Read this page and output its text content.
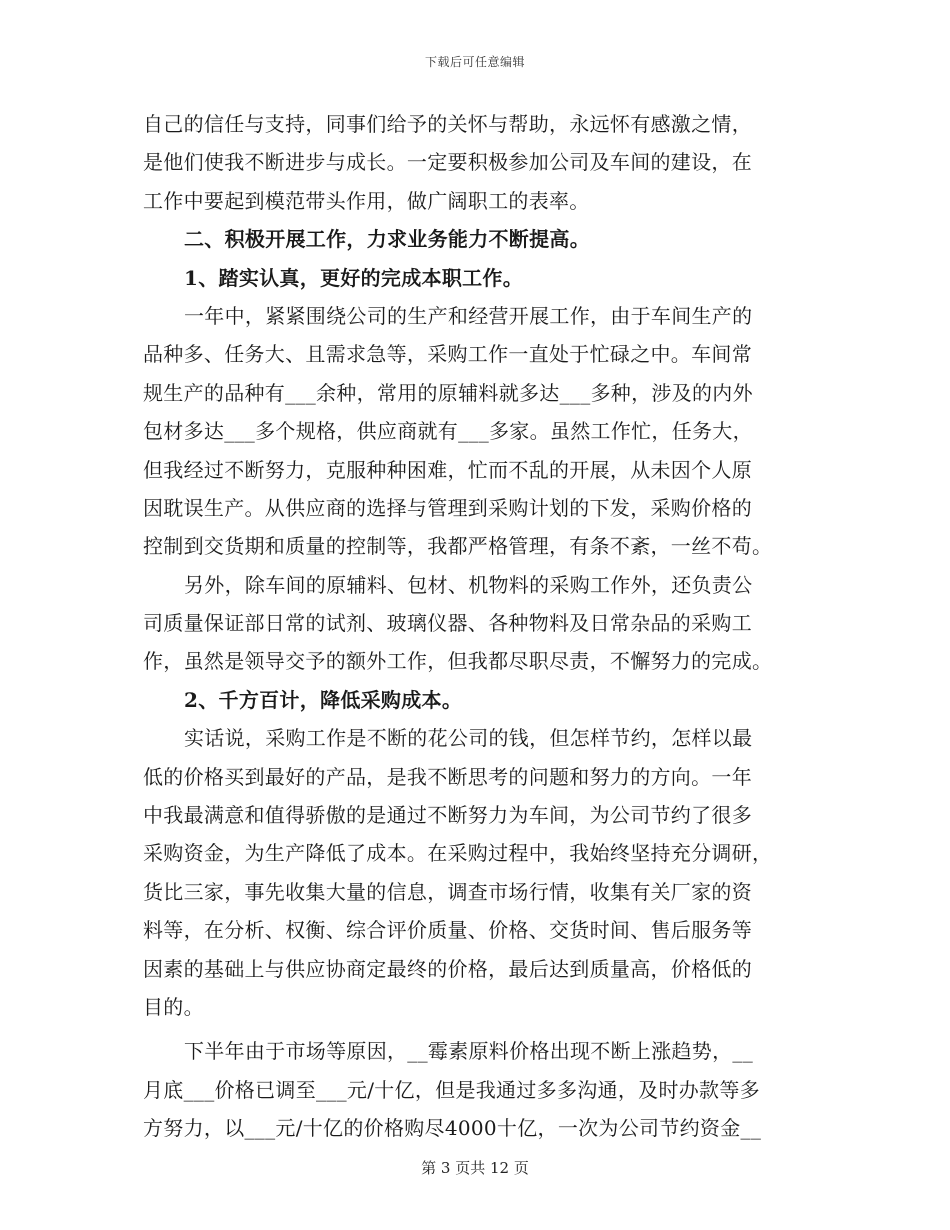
下载后可任意编辑
自己的信任与支持，同事们给予的关怀与帮助，永远怀有感激之情，
是他们使我不断进步与成长。一定要积极参加公司及车间的建设，在
工作中要起到模范带头作用，做广阔职工的表率。
二、积极开展工作，力求业务能力不断提高。
1、踏实认真，更好的完成本职工作。
一年中，紧紧围绕公司的生产和经营开展工作，由于车间生产的
品种多、任务大、且需求急等，采购工作一直处于忙碌之中。车间常
规生产的品种有___余种，常用的原辅料就多达___多种，涉及的内外
包材多达___多个规格，供应商就有___多家。虽然工作忙，任务大，
但我经过不断努力，克服种种困难，忙而不乱的开展，从未因个人原
因耽误生产。从供应商的选择与管理到采购计划的下发，采购价格的
控制到交货期和质量的控制等，我都严格管理，有条不紊，一丝不苟。
另外，除车间的原辅料、包材、机物料的采购工作外，还负责公
司质量保证部日常的试剂、玻璃仪器、各种物料及日常杂品的采购工
作，虽然是领导交予的额外工作，但我都尽职尽责，不懈努力的完成。
2、千方百计，降低采购成本。
实话说，采购工作是不断的花公司的钱，但怎样节约，怎样以最
低的价格买到最好的产品，是我不断思考的问题和努力的方向。一年
中我最满意和值得骄傲的是通过不断努力为车间，为公司节约了很多
采购资金，为生产降低了成本。在采购过程中，我始终坚持充分调研，
货比三家，事先收集大量的信息，调查市场行情，收集有关厂家的资
料等，在分析、权衡、综合评价质量、价格、交货时间、售后服务等
因素的基础上与供应协商定最终的价格，最后达到质量高，价格低的
目的。
下半年由于市场等原因，__霉素原料价格出现不断上涨趋势，__
月底___价格已调至___元/十亿，但是我通过多多沟通，及时办款等多
方努力，以___元/十亿的价格购尽4000十亿，一次为公司节约资金__
第 3 页共 12 页
